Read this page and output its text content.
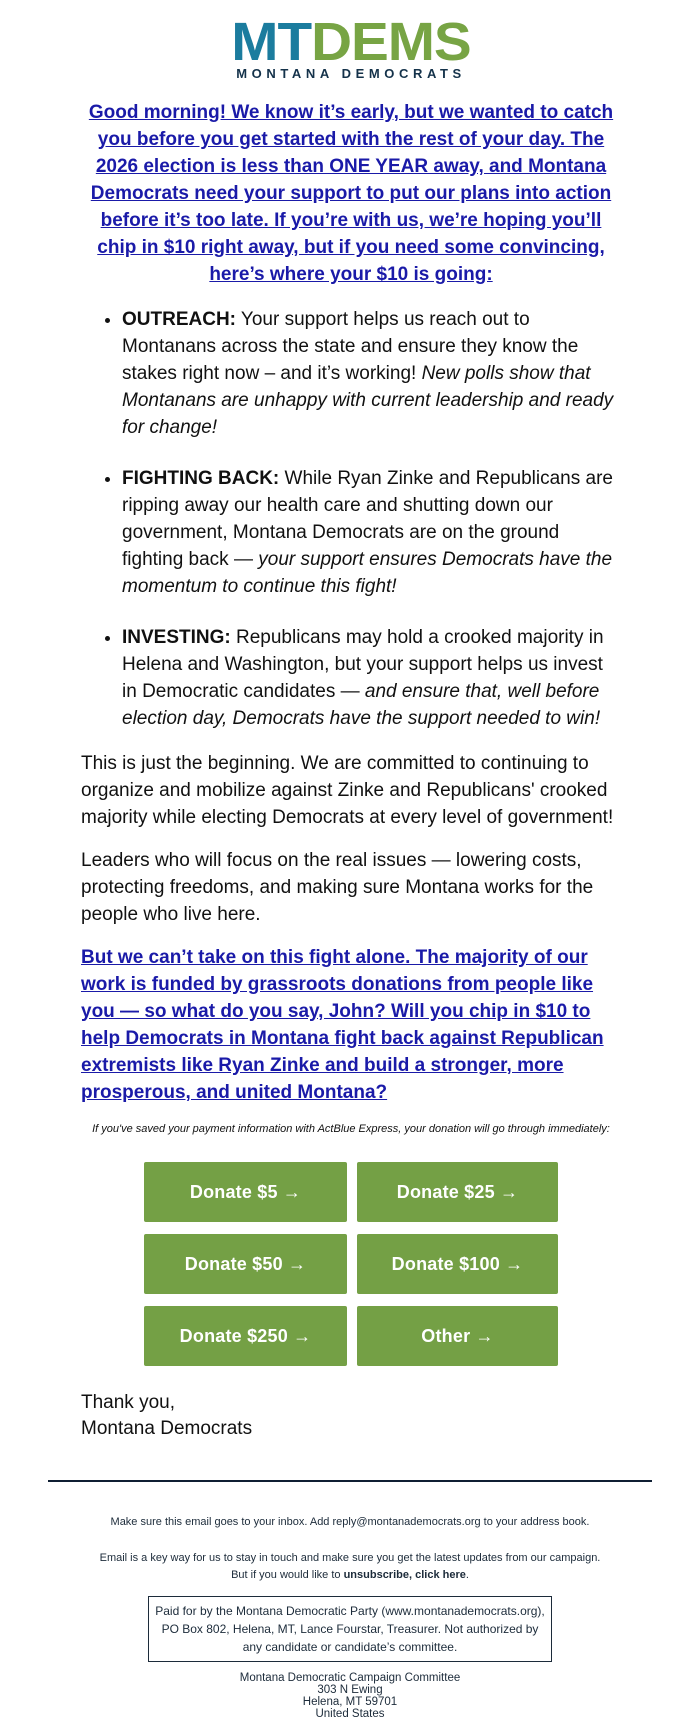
MTDEMS
MONTANA DEMOCRATS

Good morning! We know it’s early, but we wanted to catch you before you get started with the rest of your day. The 2026 election is less than ONE YEAR away, and Montana Democrats need your support to put our plans into action before it’s too late. If you’re with us, we’re hoping you’ll chip in $10 right away, but if you need some convincing, here’s where your $10 is going:

• OUTREACH: Your support helps us reach out to Montanans across the state and ensure they know the stakes right now – and it’s working! New polls show that Montanans are unhappy with current leadership and ready for change!
• FIGHTING BACK: While Ryan Zinke and Republicans are ripping away our health care and shutting down our government, Montana Democrats are on the ground fighting back — your support ensures Democrats have the momentum to continue this fight!
• INVESTING: Republicans may hold a crooked majority in Helena and Washington, but your support helps us invest in Democratic candidates — and ensure that, well before election day, Democrats have the support needed to win!

This is just the beginning. We are committed to continuing to organize and mobilize against Zinke and Republicans' crooked majority while electing Democrats at every level of government!

Leaders who will focus on the real issues — lowering costs, protecting freedoms, and making sure Montana works for the people who live here.

But we can’t take on this fight alone. The majority of our work is funded by grassroots donations from people like you — so what do you say, John? Will you chip in $10 to help Democrats in Montana fight back against Republican extremists like Ryan Zinke and build a stronger, more prosperous, and united Montana?

If you've saved your payment information with ActBlue Express, your donation will go through immediately:
Donate $5 →	Donate $25 →
Donate $50 →	Donate $100 →
Donate $250 →	Other →
Thank you,
Montana Democrats
Make sure this email goes to your inbox. Add reply@montanademocrats.org to your address book.
Email is a key way for us to stay in touch and make sure you get the latest updates from our campaign.
But if you would like to unsubscribe, click here.
Paid for by the Montana Democratic Party (www.montanademocrats.org), PO Box 802, Helena, MT, Lance Fourstar, Treasurer. Not authorized by any candidate or candidate’s committee.
Montana Democratic Campaign Committee
303 N Ewing
Helena, MT 59701
United States
